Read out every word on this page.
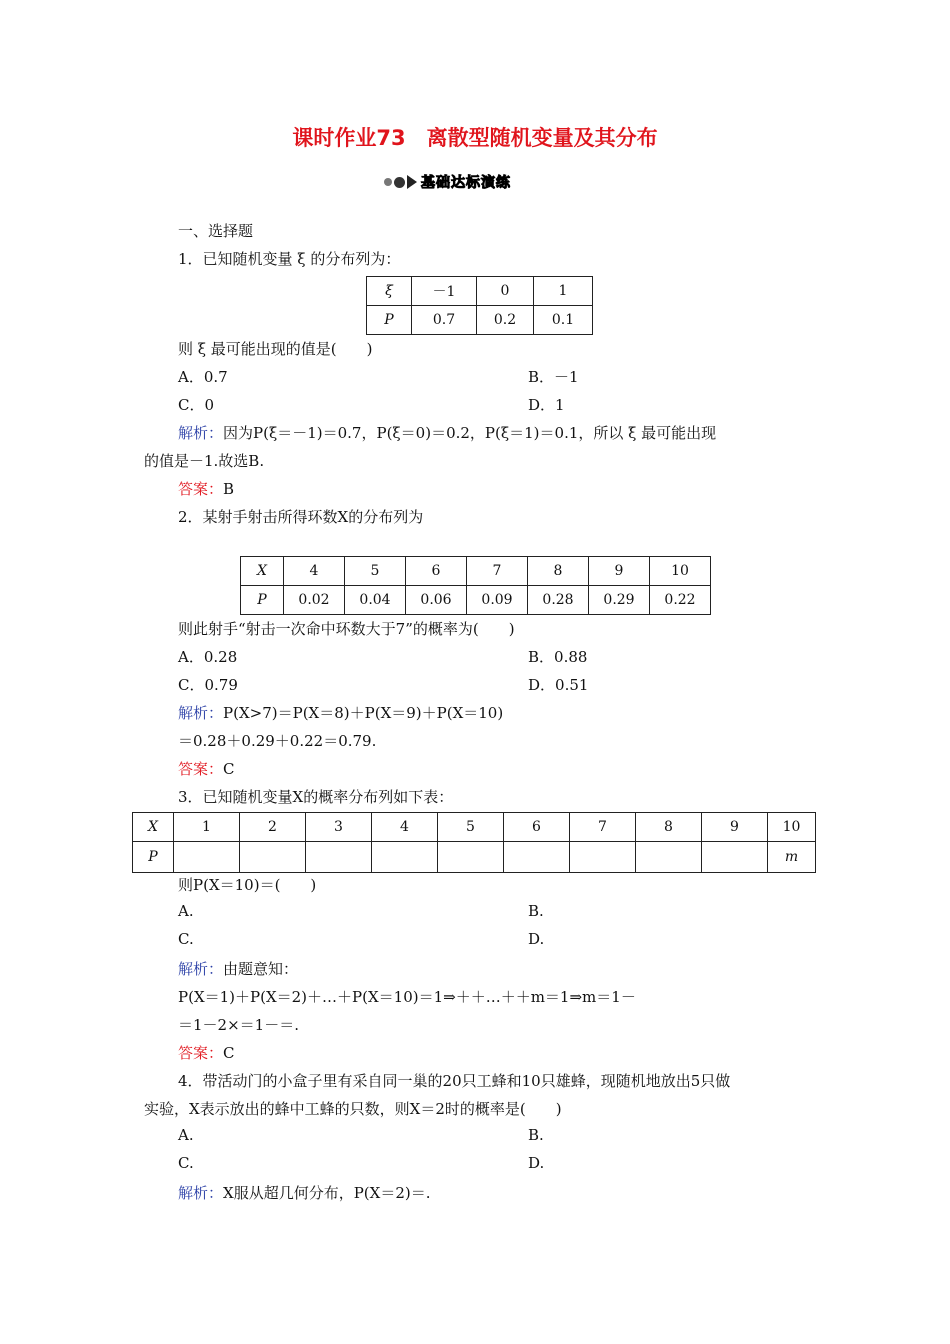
课时作业73　离散型随机变量及其分布
基础达标演练
一、选择题
1．已知随机变量 ξ 的分布列为：
ξ	－1	0	1
P	0.7	0.2	0.1
则 ξ 最可能出现的值是(　　)
A．0.7	B．－1
C．0	D．1
解析：因为P(ξ＝－1)＝0.7，P(ξ＝0)＝0.2，P(ξ＝1)＝0.1，所以 ξ 最可能出现
的值是－1.故选B.
答案：B
2．某射手射击所得环数X的分布列为
X	4	5	6	7	8	9	10
P	0.02	0.04	0.06	0.09	0.28	0.29	0.22
则此射手“射击一次命中环数大于7”的概率为(　　)
A．0.28	B．0.88
C．0.79	D．0.51
解析：P(X>7)＝P(X＝8)＋P(X＝9)＋P(X＝10)
＝0.28＋0.29＋0.22＝0.79.
答案：C
3．已知随机变量X的概率分布列如下表：
X	1	2	3	4	5	6	7	8	9	10
P										m
则P(X＝10)＝(　　)
A.	B.
C.	D.
解析：由题意知：
P(X＝1)＋P(X＝2)＋…＋P(X＝10)＝1⇒＋＋…＋＋m＝1⇒m＝1－
＝1－2×＝1－＝.
答案：C
4．带活动门的小盒子里有采自同一巢的20只工蜂和10只雄蜂，现随机地放出5只做
实验，X表示放出的蜂中工蜂的只数，则X＝2时的概率是(　　)
A.	B.
C.	D.
解析：X服从超几何分布，P(X＝2)＝.
